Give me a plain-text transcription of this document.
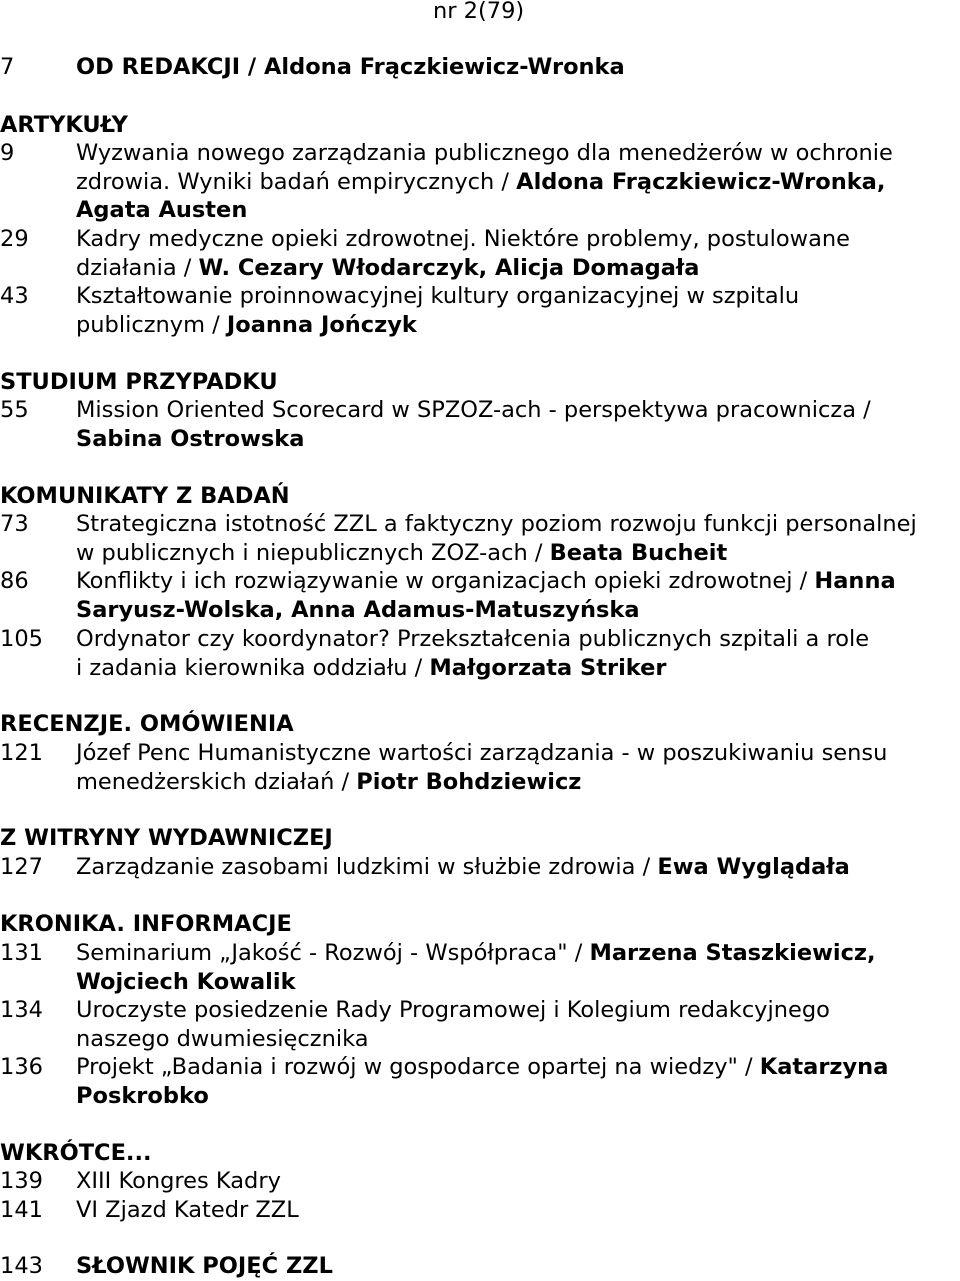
nr 2(79)
7	OD REDAKCJI / Aldona Frączkiewicz-Wronka
ARTYKUŁY
9	Wyzwania nowego zarządzania publicznego dla menedżerów w ochronie
zdrowia. Wyniki badań empirycznych / Aldona Frączkiewicz-Wronka,
Agata Austen
29	Kadry medyczne opieki zdrowotnej. Niektóre problemy, postulowane
działania / W. Cezary Włodarczyk, Alicja Domagała
43	Kształtowanie proinnowacyjnej kultury organizacyjnej w szpitalu
publicznym / Joanna Jończyk
STUDIUM PRZYPADKU
55	Mission Oriented Scorecard w SPZOZ-ach - perspektywa pracownicza /
Sabina Ostrowska
KOMUNIKATY Z BADAŃ
73	Strategiczna istotność ZZL a faktyczny poziom rozwoju funkcji personalnej
w publicznych i niepublicznych ZOZ-ach / Beata Bucheit
86	Konflikty i ich rozwiązywanie w organizacjach opieki zdrowotnej / Hanna
Saryusz-Wolska, Anna Adamus-Matuszyńska
105	Ordynator czy koordynator? Przekształcenia publicznych szpitali a role
i zadania kierownika oddziału / Małgorzata Striker
RECENZJE. OMÓWIENIA
121	Józef Penc Humanistyczne wartości zarządzania - w poszukiwaniu sensu
menedżerskich działań / Piotr Bohdziewicz
Z WITRYNY WYDAWNICZEJ
127	Zarządzanie zasobami ludzkimi w służbie zdrowia / Ewa Wyglądała
KRONIKA. INFORMACJE
131	Seminarium „Jakość - Rozwój - Współpraca" / Marzena Staszkiewicz,
Wojciech Kowalik
134	Uroczyste posiedzenie Rady Programowej i Kolegium redakcyjnego
naszego dwumiesięcznika
136	Projekt „Badania i rozwój w gospodarce opartej na wiedzy" / Katarzyna
Poskrobko
WKRÓTCE...
139	XIII Kongres Kadry
141	VI Zjazd Katedr ZZL
143	SŁOWNIK POJĘĆ ZZL
